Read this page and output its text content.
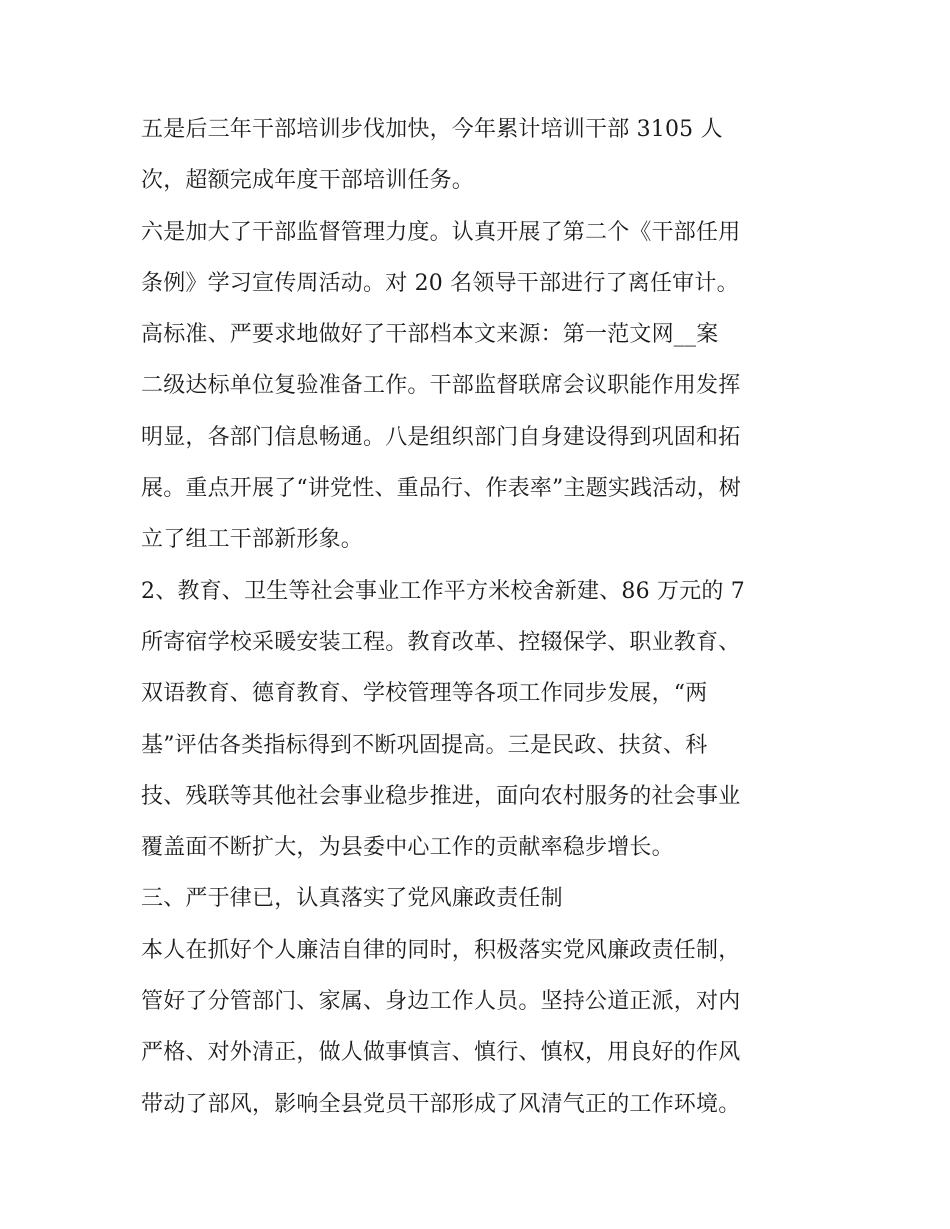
五是后三年干部培训步伐加快，今年累计培训干部 3105 人
次，超额完成年度干部培训任务。
六是加大了干部监督管理力度。认真开展了第二个《干部任用
条例》学习宣传周活动。对 20 名领导干部进行了离任审计。
高标准、严要求地做好了干部档本文来源：第一范文网__案
二级达标单位复验准备工作。干部监督联席会议职能作用发挥
明显，各部门信息畅通。八是组织部门自身建设得到巩固和拓
展。重点开展了“讲党性、重品行、作表率”主题实践活动，树
立了组工干部新形象。
2、教育、卫生等社会事业工作平方米校舍新建、86 万元的 7
所寄宿学校采暖安装工程。教育改革、控辍保学、职业教育、
双语教育、德育教育、学校管理等各项工作同步发展，“两
基”评估各类指标得到不断巩固提高。三是民政、扶贫、科
技、残联等其他社会事业稳步推进，面向农村服务的社会事业
覆盖面不断扩大，为县委中心工作的贡献率稳步增长。
三、严于律已，认真落实了党风廉政责任制
本人在抓好个人廉洁自律的同时，积极落实党风廉政责任制，
管好了分管部门、家属、身边工作人员。坚持公道正派，对内
严格、对外清正，做人做事慎言、慎行、慎权，用良好的作风
带动了部风，影响全县党员干部形成了风清气正的工作环境。
